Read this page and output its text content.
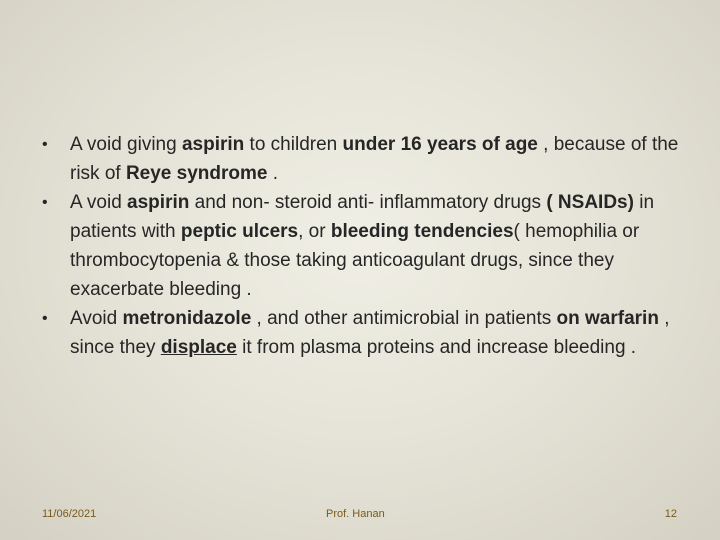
•	A void giving aspirin to children under 16 years of age , because of the risk of Reye syndrome .
•	A void aspirin and non- steroid anti- inflammatory drugs ( NSAIDs) in patients with peptic ulcers, or bleeding tendencies( hemophilia or thrombocytopenia & those taking anticoagulant drugs, since they exacerbate bleeding .
•	Avoid metronidazole , and other antimicrobial in patients on warfarin , since they displace it from plasma proteins and increase bleeding .
11/06/2021	Prof. Hanan	12
